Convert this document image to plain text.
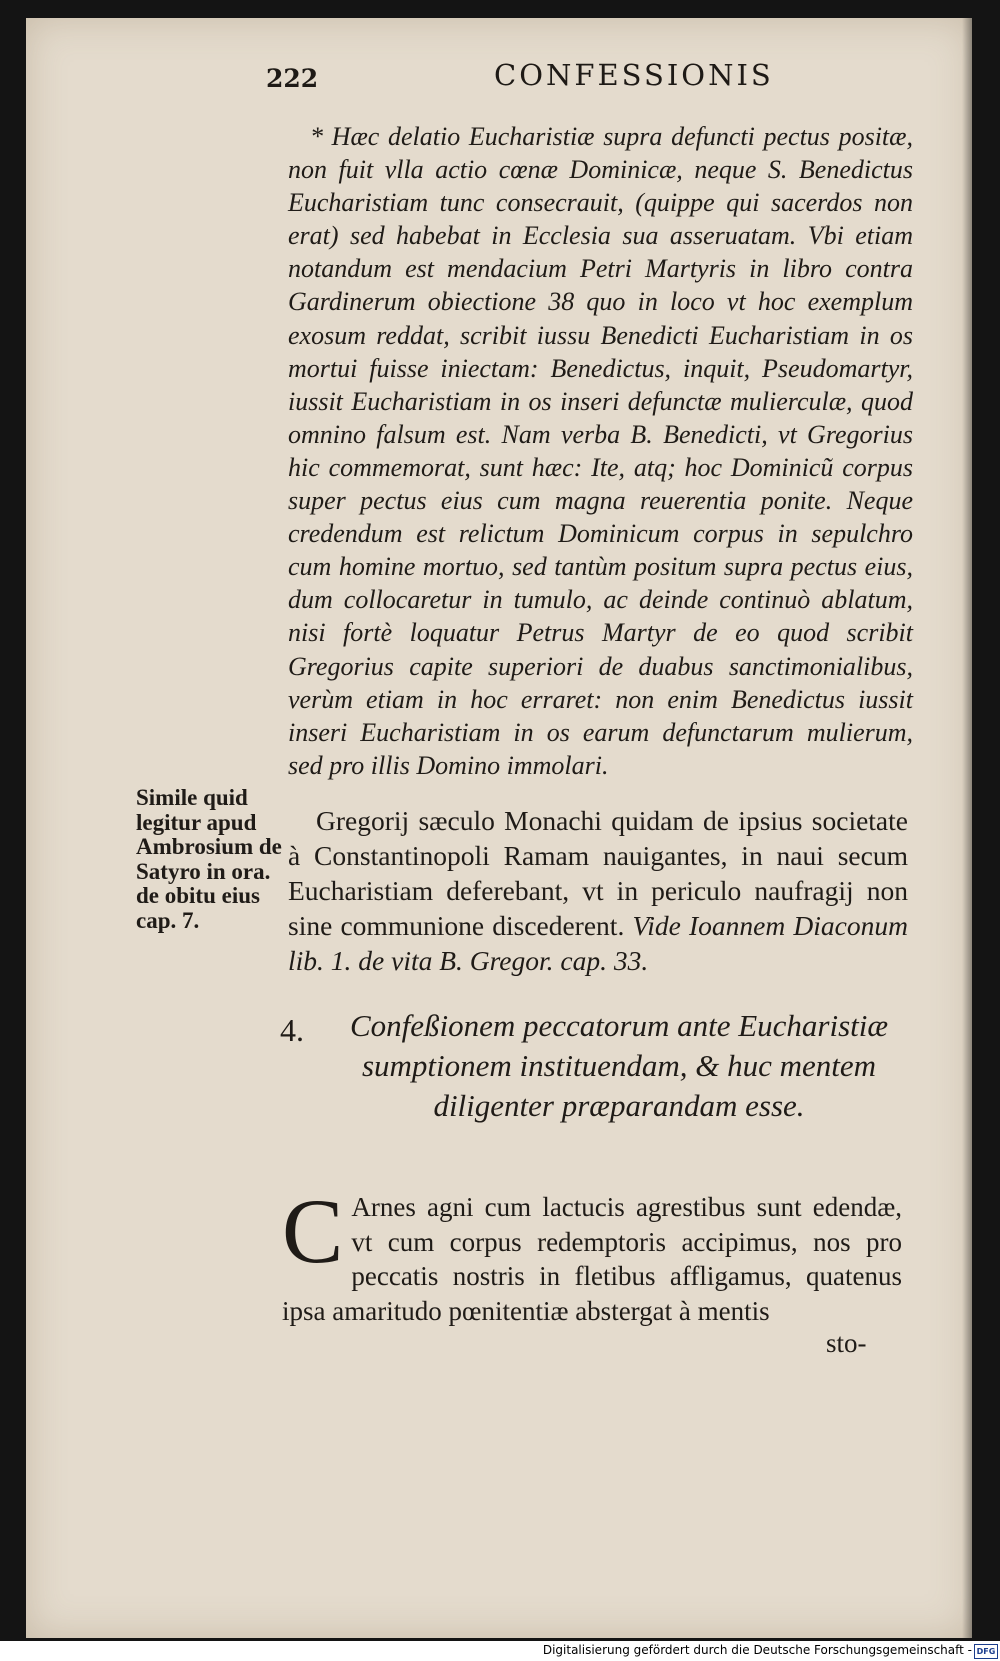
222	CONFESSIONIS

* Hæc delatio Eucharistiæ supra defuncti pectus positæ, non fuit vlla actio cœnæ Dominicæ, neque S. Benedictus Eucharistiam tunc consecrauit, (quippe qui sacerdos non erat) sed habebat in Ecclesia sua asseruatam. Vbi etiam notandum est mendacium Petri Martyris in libro contra Gardinerum obiectione 38 quo in loco vt hoc exemplum exosum reddat, scribit iussu Benedicti Eucharistiam in os mortui fuisse iniectam: Benedictus, inquit, Pseudomartyr, iussit Eucharistiam in os inseri defunctæ mulierculæ, quod omnino falsum est. Nam verba B. Benedicti, vt Gregorius hic commemorat, sunt hæc: Ite, atq; hoc Dominicũ corpus super pectus eius cum magna reuerentia ponite. Neque credendum est relictum Dominicum corpus in sepulchro cum homine mortuo, sed tantùm positum supra pectus eius, dum collocaretur in tumulo, ac deinde continuò ablatum, nisi fortè loquatur Petrus Martyr de eo quod scribit Gregorius capite superiori de duabus sanctimonialibus, verùm etiam in hoc erraret: non enim Benedictus iussit inseri Eucharistiam in os earum defunctarum mulierum, sed pro illis Domino immolari.

Simile quid legitur apud Ambrosium de Satyro in ora. de obitu eius cap. 7.

Gregorij sæculo Monachi quidam de ipsius societate à Constantinopoli Ramam nauigantes, in naui secum Eucharistiam deferebant, vt in periculo naufragij non sine communione discederent. Vide Ioannem Diaconum lib. 1. de vita B. Gregor. cap. 33.

4.	Confeßionem peccatorum ante Eucharistiæ sumptionem instituendam, & huc mentem diligenter præparandam esse.
C Arnes agni cum lactucis agrestibus sunt edendæ, vt cum corpus redemptoris accipimus, nos pro peccatis nostris in fletibus affligamus, quatenus ipsa amaritudo pœnitentiæ abstergat à mentis

sto-
Digitalisierung gefördert durch die Deutsche Forschungsgemeinschaft - DFG
